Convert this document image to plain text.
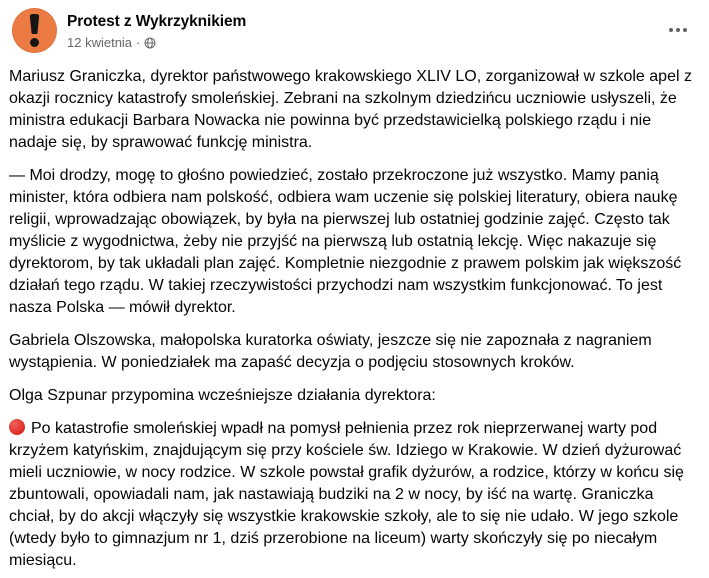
Protest z Wykrzyknikiem
12 kwietnia ·

Mariusz Graniczka, dyrektor państwowego krakowskiego XLIV LO, zorganizował w szkole apel z okazji rocznicy katastrofy smoleńskiej. Zebrani na szkolnym dziedzińcu uczniowie usłyszeli, że ministra edukacji Barbara Nowacka nie powinna być przedstawicielką polskiego rządu i nie nadaje się, by sprawować funkcję ministra.

— Moi drodzy, mogę to głośno powiedzieć, zostało przekroczone już wszystko. Mamy panią minister, która odbiera nam polskość, odbiera wam uczenie się polskiej literatury, obiera naukę religii, wprowadzając obowiązek, by była na pierwszej lub ostatniej godzinie zajęć. Często tak myślicie z wygodnictwa, żeby nie przyjść na pierwszą lub ostatnią lekcję. Więc nakazuje się dyrektorom, by tak układali plan zajęć. Kompletnie niezgodnie z prawem polskim jak większość działań tego rządu. W takiej rzeczywistości przychodzi nam wszystkim funkcjonować. To jest nasza Polska — mówił dyrektor.

Gabriela Olszowska, małopolska kuratorka oświaty, jeszcze się nie zapoznała z nagraniem wystąpienia. W poniedziałek ma zapaść decyzja o podjęciu stosownych kroków.

Olga Szpunar przypomina wcześniejsze działania dyrektora:

Po katastrofie smoleńskiej wpadł na pomysł pełnienia przez rok nieprzerwanej warty pod krzyżem katyńskim, znajdującym się przy kościele św. Idziego w Krakowie. W dzień dyżurować mieli uczniowie, w nocy rodzice. W szkole powstał grafik dyżurów, a rodzice, którzy w końcu się zbuntowali, opowiadali nam, jak nastawiają budziki na 2 w nocy, by iść na wartę. Graniczka chciał, by do akcji włączyły się wszystkie krakowskie szkoły, ale to się nie udało. W jego szkole (wtedy było to gimnazjum nr 1, dziś przerobione na liceum) warty skończyły się po niecałym miesiącu.
